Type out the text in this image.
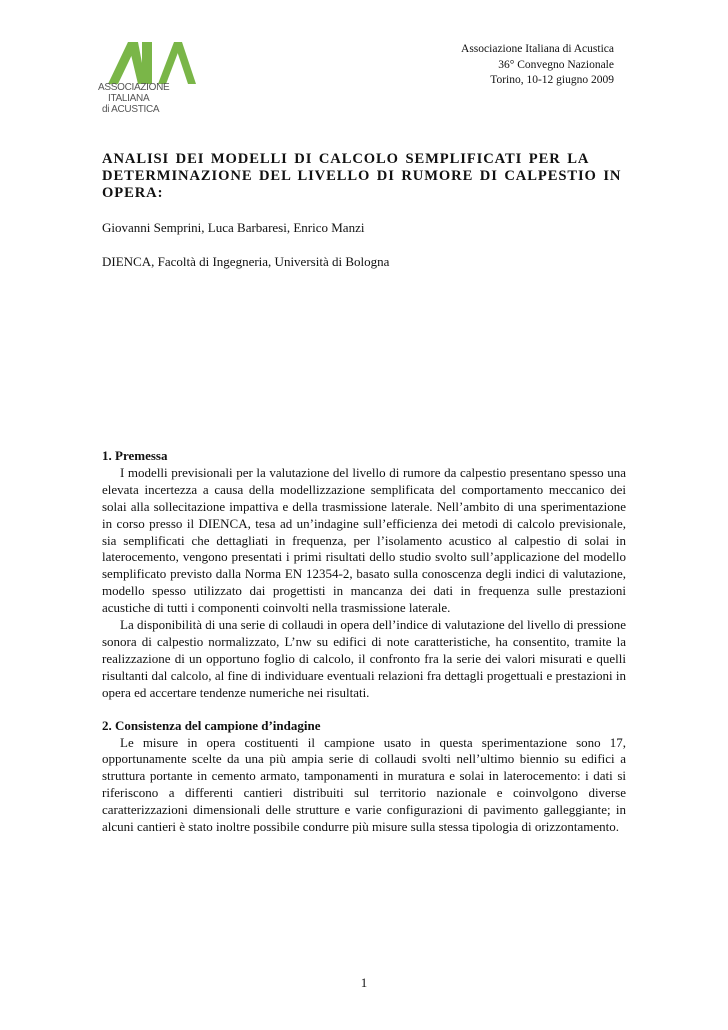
ASSOCIAZIONE
ITALIANA
di ACUSTICA
Associazione Italiana di Acustica
36° Convegno Nazionale
Torino, 10-12 giugno 2009
ANALISI DEI MODELLI DI CALCOLO SEMPLIFICATI PER LA DETERMINAZIONE DEL LIVELLO DI RUMORE DI CALPESTIO IN OPERA:
Giovanni Semprini, Luca Barbaresi, Enrico Manzi
DIENCA, Facoltà di Ingegneria, Università di Bologna
1. Premessa
I modelli previsionali per la valutazione del livello di rumore da calpestio presentano spesso una elevata incertezza a causa della modellizzazione semplificata del comportamento meccanico dei solai alla sollecitazione impattiva e della trasmissione laterale. Nell’ambito di una sperimentazione in corso presso il DIENCA, tesa ad un’indagine sull’efficienza dei metodi di calcolo previsionale, sia semplificati che dettagliati in frequenza, per l’isolamento acustico al calpestio di solai in laterocemento, vengono presentati i primi risultati dello studio svolto sull’applicazione del modello semplificato previsto dalla Norma EN 12354-2, basato sulla conoscenza degli indici di valutazione, modello spesso utilizzato dai progettisti in mancanza dei dati in frequenza sulle prestazioni acustiche di tutti i componenti coinvolti nella trasmissione laterale.
La disponibilità di una serie di collaudi in opera dell’indice di valutazione del livello di pressione sonora di calpestio normalizzato, L’nw su edifici di note caratteristiche, ha consentito, tramite la realizzazione di un opportuno foglio di calcolo, il confronto fra la serie dei valori misurati e quelli risultanti dal calcolo, al fine di individuare eventuali relazioni fra dettagli progettuali e prestazioni in opera ed accertare tendenze numeriche nei risultati.
2. Consistenza del campione d’indagine
Le misure in opera costituenti il campione usato in questa sperimentazione sono 17, opportunamente scelte da una più ampia serie di collaudi svolti nell’ultimo biennio su edifici a struttura portante in cemento armato, tamponamenti in muratura e solai in laterocemento: i dati si riferiscono a differenti cantieri distribuiti sul territorio nazionale e coinvolgono diverse caratterizzazioni dimensionali delle strutture e varie configurazioni di pavimento galleggiante; in alcuni cantieri è stato inoltre possibile condurre più misure sulla stessa tipologia di orizzontamento.
1
